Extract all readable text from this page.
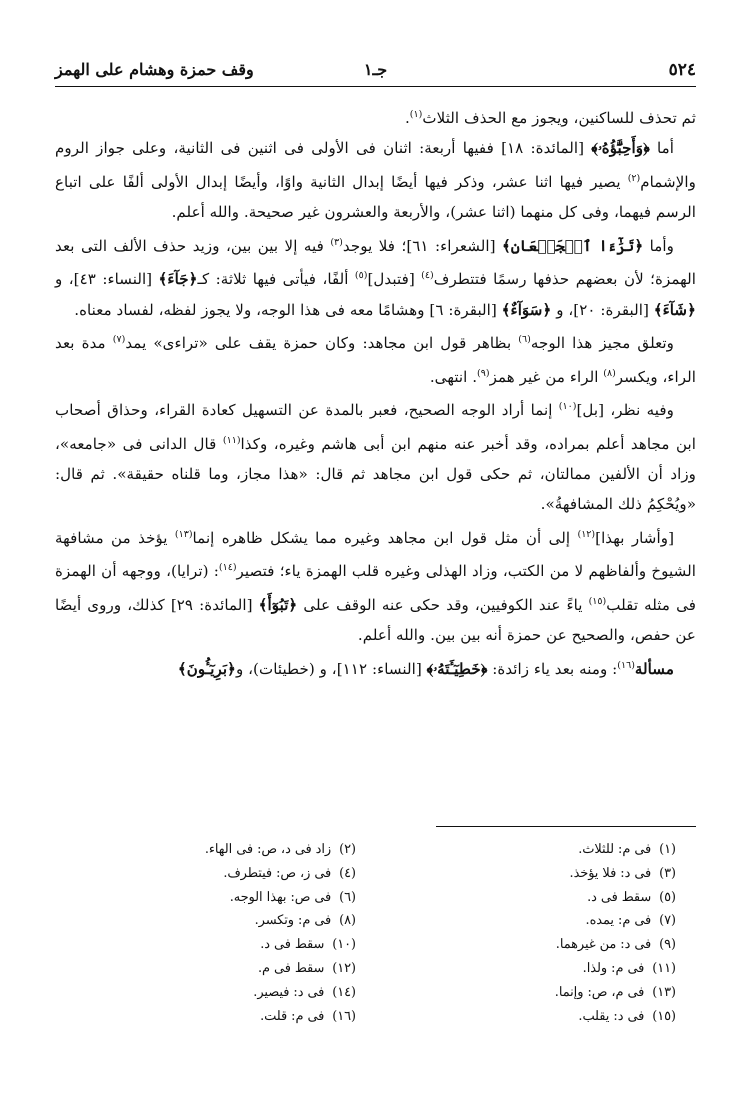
٥٢٤
جـ١
وقف حمزة وهشام على الهمز

ثم تحذف للساكنين، ويجوز مع الحذف الثلاث$^{(١)}$.

أما ﴿وَأَحِبَّٰٓؤُهُۥ﴾ [المائدة: ١٨] ففيها أربعة: اثنان فى الأولى فى اثنين فى الثانية، وعلى جواز الروم والإشمام$^{(٢)}$ يصير فيها اثنا عشر، وذكر فيها أيضًا إبدال الثانية واوًا، وأيضًا إبدال الأولى ألفًا على اتباع الرسم فيهما، وفى كل منهما (اثنا عشر)، والأربعة والعشرون غير صحيحة. والله أعلم.

وأما ﴿تَرَٰٓءَا ٱلۡجَمۡعَانِ﴾ [الشعراء: ٦١]؛ فلا يوجد$^{(٣)}$ فيه إلا بين بين، وزيد حذف الألف التى بعد الهمزة؛ لأن بعضهم حذفها رسمًا فتتطرف$^{(٤)}$ [فتبدل]$^{(٥)}$ ألفًا، فيأتى فيها ثلاثة: كـ﴿جَآءَ﴾ [النساء: ٤٣]، و ﴿شَآءَ﴾ [البقرة: ٢٠]، و ﴿سَوَآءٌ﴾ [البقرة: ٦] وهشامًا معه فى هذا الوجه، ولا يجوز لفظه، لفساد معناه.

وتعلق مجيز هذا الوجه$^{(٦)}$ بظاهر قول ابن مجاهد: وكان حمزة يقف على «تراءى» يمد$^{(٧)}$ مدة بعد الراء، ويكسر$^{(٨)}$ الراء من غير همز$^{(٩)}$. انتهى.

وفيه نظر، [بل]$^{(١٠)}$ إنما أراد الوجه الصحيح، فعبر بالمدة عن التسهيل كعادة القراء، وحذاق أصحاب ابن مجاهد أعلم بمراده، وقد أخبر عنه منهم ابن أبى هاشم وغيره، وكذا$^{(١١)}$ قال الدانى فى «جامعه»، وزاد أن الألفين ممالتان، ثم حكى قول ابن مجاهد ثم قال: «هذا مجاز، وما قلناه حقيقة». ثم قال: «ويُحْكِمُ ذلك المشافهةُ».

[وأشار بهذا]$^{(١٢)}$ إلى أن مثل قول ابن مجاهد وغيره مما يشكل ظاهره إنما$^{(١٣)}$ يؤخذ من مشافهة الشيوخ وألفاظهم لا من الكتب، وزاد الهذلى وغيره قلب الهمزة ياء؛ فتصير$^{(١٤)}$: (ترايا)، ووجهه أن الهمزة فى مثله تقلب$^{(١٥)}$ ياءً عند الكوفيين، وقد حكى عنه الوقف على ﴿تَبُوٓأَ﴾ [المائدة: ٢٩] كذلك، وروى أيضًا عن حفص، والصحيح عن حمزة أنه بين بين. والله أعلم.

مسألة$^{(١٦)}$: ومنه بعد ياء زائدة: ﴿خَطِيٓـَٔتَهُۥ﴾ [النساء: ١١٢]، و (خطيئات)، و﴿بَرِيٓـُٔونَ﴾

(١)فى م: للثلاث.
(٣)فى د: فلا يؤخذ.
(٥)سقط فى د.
(٧)فى م: يمده.
(٩)فى د: من غيرهما.
(١١)فى م: ولذا.
(١٣)فى م، ص: وإنما.
(١٥)فى د: يقلب.
(٢)زاد فى د، ص: فى الهاء.
(٤)فى ز، ص: فيتطرف.
(٦)فى ص: بهذا الوجه.
(٨)فى م: وتكسر.
(١٠)سقط فى د.
(١٢)سقط فى م.
(١٤)فى د: فيصير.
(١٦)فى م: قلت.
